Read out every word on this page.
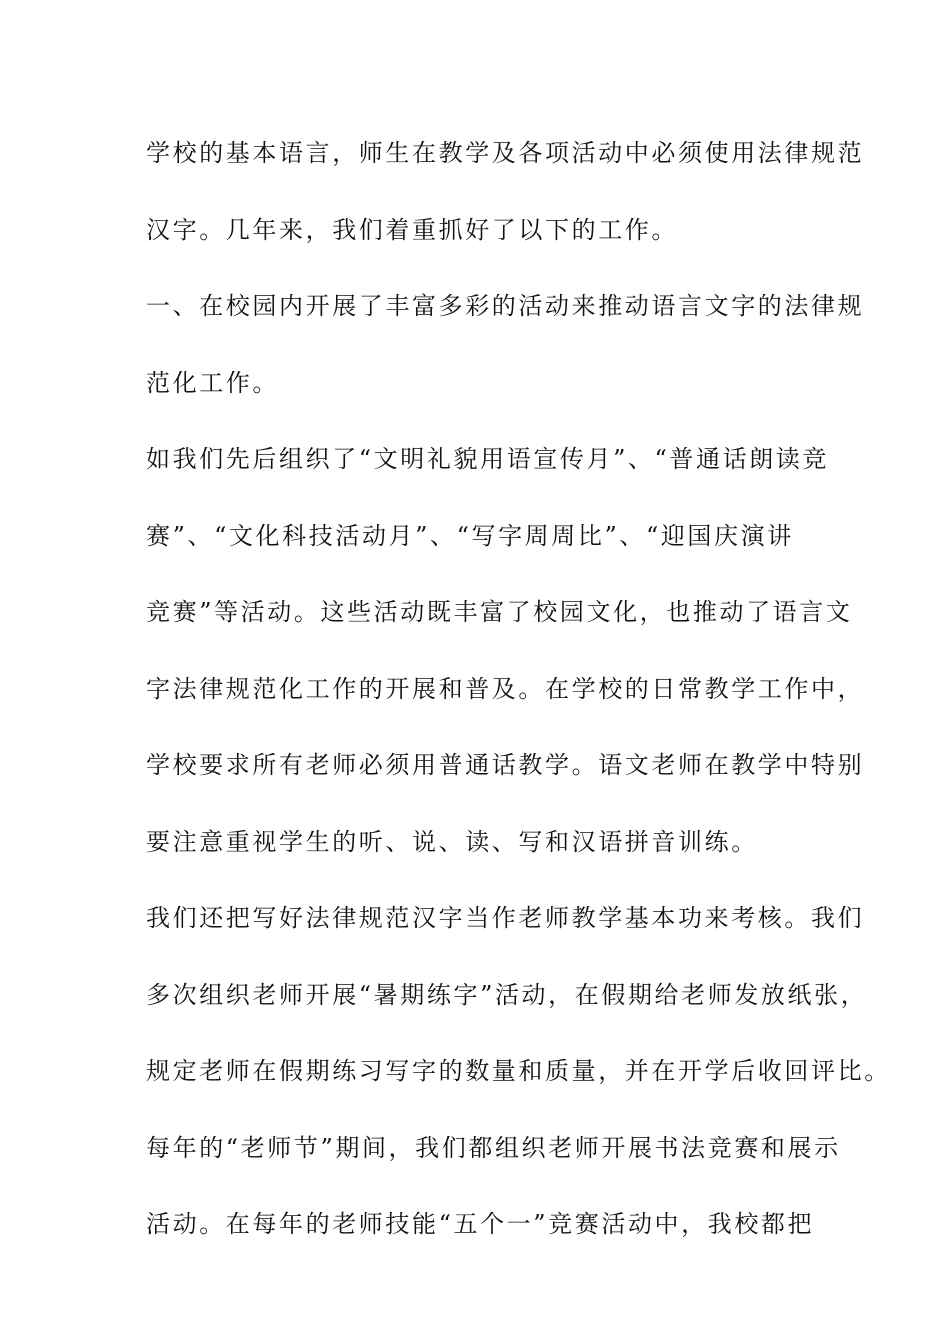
学校的基本语言，师生在教学及各项活动中必须使用法律规范
汉字。几年来，我们着重抓好了以下的工作。
一、在校园内开展了丰富多彩的活动来推动语言文字的法律规
范化工作。
如我们先后组织了“文明礼貌用语宣传月”、“普通话朗读竞
赛”、“文化科技活动月”、“写字周周比”、“迎国庆演讲
竞赛”等活动。这些活动既丰富了校园文化，也推动了语言文
字法律规范化工作的开展和普及。在学校的日常教学工作中，
学校要求所有老师必须用普通话教学。语文老师在教学中特别
要注意重视学生的听、说、读、写和汉语拼音训练。
我们还把写好法律规范汉字当作老师教学基本功来考核。我们
多次组织老师开展“暑期练字”活动，在假期给老师发放纸张，
规定老师在假期练习写字的数量和质量，并在开学后收回评比。
每年的“老师节”期间，我们都组织老师开展书法竞赛和展示
活动。在每年的老师技能“五个一”竞赛活动中，我校都把
